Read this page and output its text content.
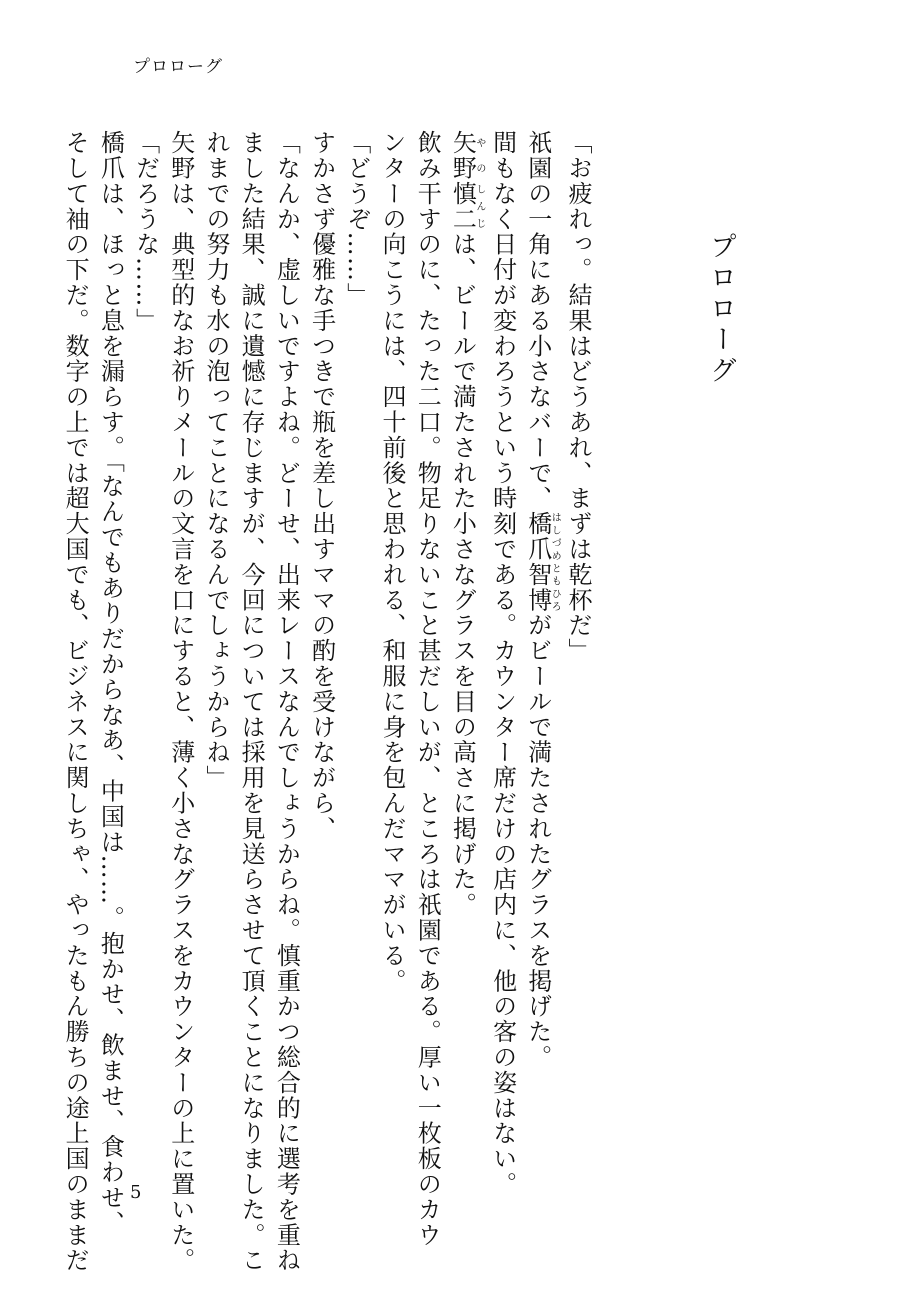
プロローグ
プロローグ

「お疲れっ。結果はどうあれ、まずは乾杯だ」

祇園の一角にある小さなバーで、橋爪智博はしづめともひろがビールで満たされたグラスを掲げた。

間もなく日付が変わろうという時刻である。カウンター席だけの店内に、他の客の姿はない。

矢野やの慎二しんじは、ビールで満たされた小さなグラスを目の高さに掲げた。

飲み干すのに、たった二口。物足りないこと甚だしいが、ところは祇園である。厚い一枚板のカウ

ンターの向こうには、四十前後と思われる、和服に身を包んだママがいる。

「どうぞ……」

すかさず優雅な手つきで瓶を差し出すママの酌を受けながら、

「なんか、虚しいですよね。どーせ、出来レースなんでしょうからね。慎重かつ総合的に選考を重ね

ました結果、誠に遺憾に存じますが、今回については採用を見送らさせて頂くことになりました。こ

れまでの努力も水の泡ってことになるんでしょうからね」

矢野は、典型的なお祈りメールの文言を口にすると、薄く小さなグラスをカウンターの上に置いた。

「だろうな……」

橋爪は、ほっと息を漏らす。「なんでもありだからなあ、中国は……。抱かせ、飲ませ、食わせ、

そして袖の下だ。数字の上では超大国でも、ビジネスに関しちゃ、やったもん勝ちの途上国のままだ 5
